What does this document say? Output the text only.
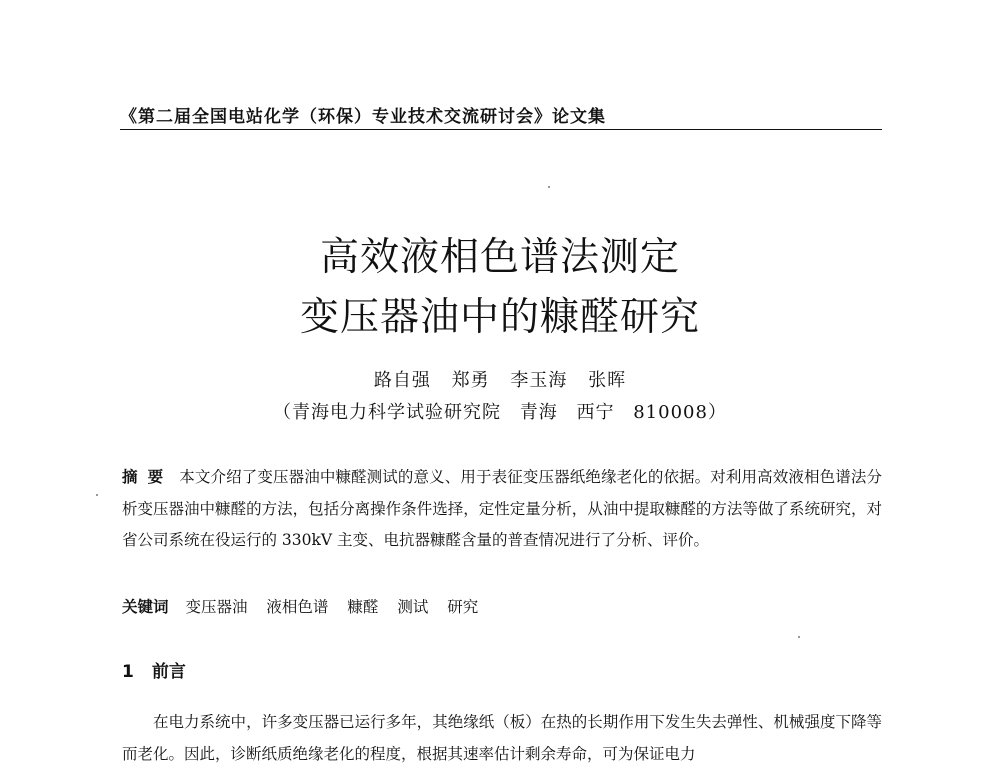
《第二届全国电站化学（环保）专业技术交流研讨会》论文集
高效液相色谱法测定
变压器油中的糠醛研究
路自强 郑勇 李玉海 张晖
（青海电力科学试验研究院 青海 西宁 810008）
摘要 本文介绍了变压器油中糠醛测试的意义、用于表征变压器纸绝缘老化的依据。对利用高效液相色谱法分析变压器油中糠醛的方法，包括分离操作条件选择，定性定量分析，从油中提取糠醛的方法等做了系统研究，对省公司系统在役运行的 330kV 主变、电抗器糠醛含量的普查情况进行了分析、评价。
关键词 变压器油 液相色谱 糠醛 测试 研究
1 前言
在电力系统中，许多变压器已运行多年，其绝缘纸（板）在热的长期作用下发生失去弹性、机械强度下降等而老化。因此，诊断纸质绝缘老化的程度，根据其速率估计剩余寿命，可为保证电力
